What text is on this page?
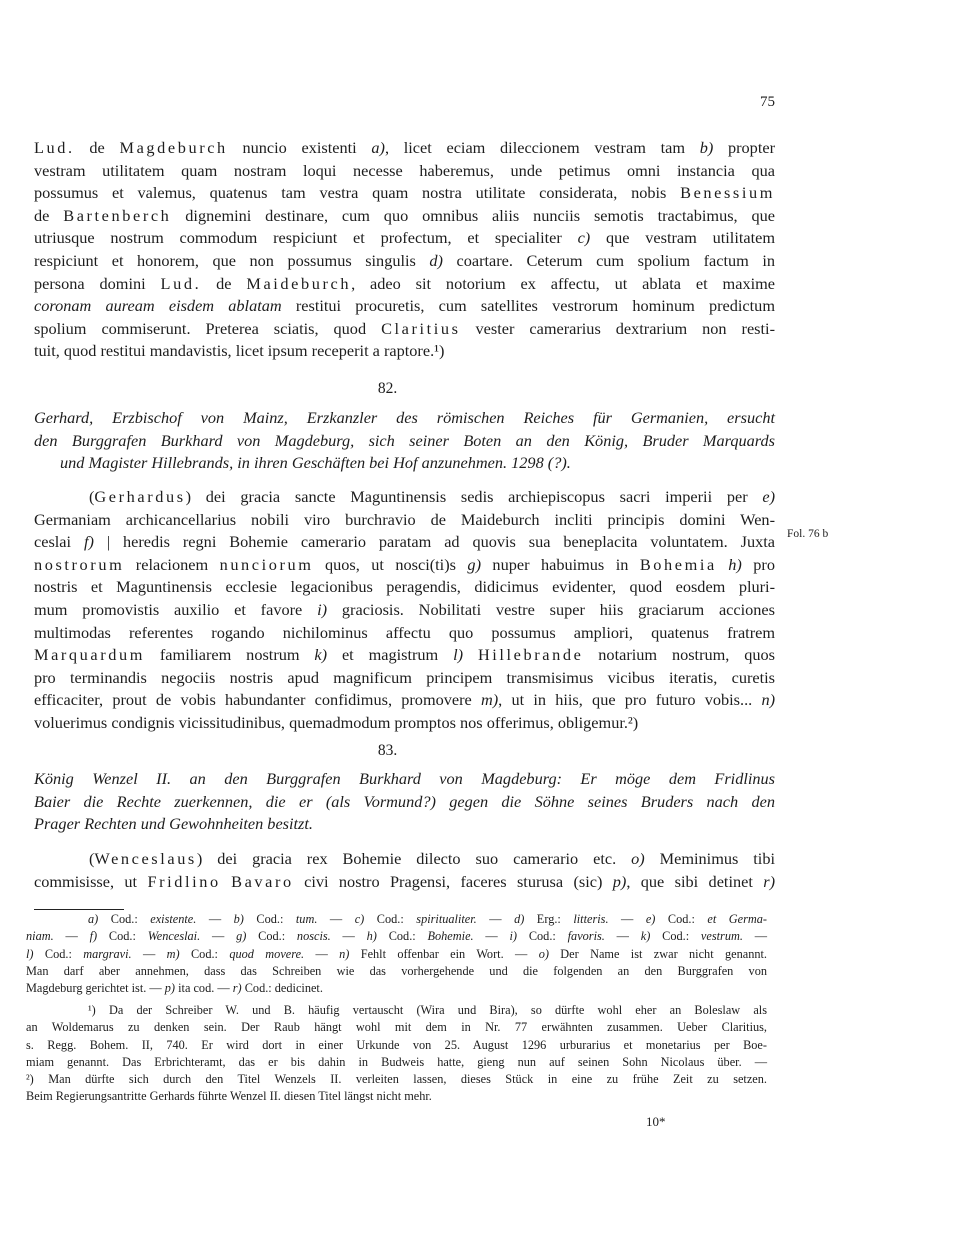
75
Lud. de Magdeburch nuncio existenti a), licet eciam dileccionem vestram tam b) propter
vestram utilitatem quam nostram loqui necesse haberemus, unde petimus omni instancia qua
possumus et valemus, quatenus tam vestra quam nostra utilitate considerata, nobis Benessium
de Bartenberch dignemini destinare, cum quo omnibus aliis nunciis semotis tractabimus, que
utriusque nostrum commodum respiciunt et profectum, et specialiter c) que vestram utilitatem
respiciunt et honorem, que non possumus singulis d) coartare. Ceterum cum spolium factum in
persona domini Lud. de Maideburch, adeo sit notorium ex affectu, ut ablata et maxime
coronam auream eisdem ablatam restitui procuretis, cum satellites vestrorum hominum predictum
spolium commiserunt. Preterea sciatis, quod Claritius vester camerarius dextrarium non resti-
tuit, quod restitui mandavistis, licet ipsum receperit a raptore.¹)
82.
Gerhard, Erzbischof von Mainz, Erzkanzler des römischen Reiches für Germanien, ersucht
den Burggrafen Burkhard von Magdeburg, sich seiner Boten an den König, Bruder Marquards
und Magister Hillebrands, in ihren Geschäften bei Hof anzunehmen. 1298 (?).
(Gerhardus) dei gracia sancte Maguntinensis sedis archiepiscopus sacri imperii per e)
Germaniam archicancellarius nobili viro burchravio de Maideburch incliti principis domini Wen-
ceslai f) | heredis regni Bohemie camerario paratam ad quovis sua beneplacita voluntatem. Juxta
nostrorum relacionem nunciorum quos, ut nosci(ti)s g) nuper habuimus in Bohemia h) pro
nostris et Maguntinensis ecclesie legacionibus peragendis, didicimus evidenter, quod eosdem pluri-
mum promovistis auxilio et favore i) graciosis. Nobilitati vestre super hiis graciarum acciones
multimodas referentes rogando nichilominus affectu quo possumus ampliori, quatenus fratrem
Marquardum familiarem nostrum k) et magistrum l) Hillebrande notarium nostrum, quos
pro terminandis negociis nostris apud magnificum principem transmisimus vicibus iteratis, curetis
efficaciter, prout de vobis habundanter confidimus, promovere m), ut in hiis, que pro futuro vobis... n)
voluerimus condignis vicissitudinibus, quemadmodum promptos nos offerimus, obligemur.²)
Fol. 76 b
83.
König Wenzel II. an den Burggrafen Burkhard von Magdeburg: Er möge dem Fridlinus
Baier die Rechte zuerkennen, die er (als Vormund?) gegen die Söhne seines Bruders nach den
Prager Rechten und Gewohnheiten besitzt.
(Wenceslaus) dei gracia rex Bohemie dilecto suo camerario etc. o) Meminimus tibi
commisisse, ut Fridlino Bavaro civi nostro Pragensi, faceres sturusa (sic) p), que sibi detinet r)
a) Cod.: existente. — b) Cod.: tum. — c) Cod.: spiritualiter. — d) Erg.: litteris. — e) Cod.: et Germa-
niam. — f) Cod.: Wenceslai. — g) Cod.: noscis. — h) Cod.: Bohemie. — i) Cod.: favoris. — k) Cod.: vestrum. —
l) Cod.: margravi. — m) Cod.: quod movere. — n) Fehlt offenbar ein Wort. — o) Der Name ist zwar nicht genannt.
Man darf aber annehmen, dass das Schreiben wie das vorhergehende und die folgenden an den Burggrafen von
Magdeburg gerichtet ist. — p) ita cod. — r) Cod.: dedicinet.
¹) Da der Schreiber W. und B. häufig vertauscht (Wira und Bira), so dürfte wohl eher an Boleslaw als
an Woldemarus zu denken sein. Der Raub hängt wohl mit dem in Nr. 77 erwähnten zusammen. Ueber Claritius,
s. Regg. Bohem. II, 740. Er wird dort in einer Urkunde von 25. August 1296 urburarius et monetarius per Boe-
miam genannt. Das Erbrichteramt, das er bis dahin in Budweis hatte, gieng nun auf seinen Sohn Nicolaus über. —
²) Man dürfte sich durch den Titel Wenzels II. verleiten lassen, dieses Stück in eine zu frühe Zeit zu setzen.
Beim Regierungsantritte Gerhards führte Wenzel II. diesen Titel längst nicht mehr.
10*
